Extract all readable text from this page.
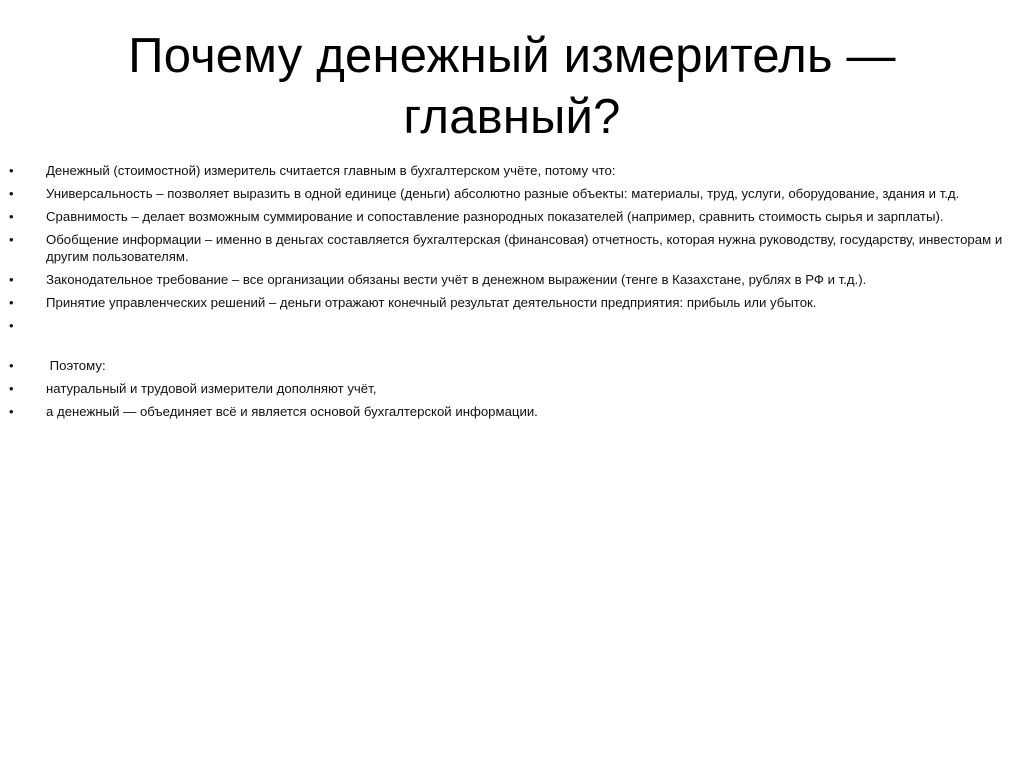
Почему денежный измеритель — главный?
• Денежный (стоимостной) измеритель считается главным в бухгалтерском учёте, потому что:
• Универсальность – позволяет выразить в одной единице (деньги) абсолютно разные объекты: материалы, труд, услуги, оборудование, здания и т.д.
• Сравнимость – делает возможным суммирование и сопоставление разнородных показателей (например, сравнить стоимость сырья и зарплаты).
• Обобщение информации – именно в деньгах составляется бухгалтерская (финансовая) отчетность, которая нужна руководству, государству, инвесторам и другим пользователям.
• Законодательное требование – все организации обязаны вести учёт в денежном выражении (тенге в Казахстане, рублях в РФ и т.д.).
• Принятие управленческих решений – деньги отражают конечный результат деятельности предприятия: прибыль или убыток.
•
• Поэтому:
• натуральный и трудовой измерители дополняют учёт,
• а денежный — объединяет всё и является основой бухгалтерской информации.
